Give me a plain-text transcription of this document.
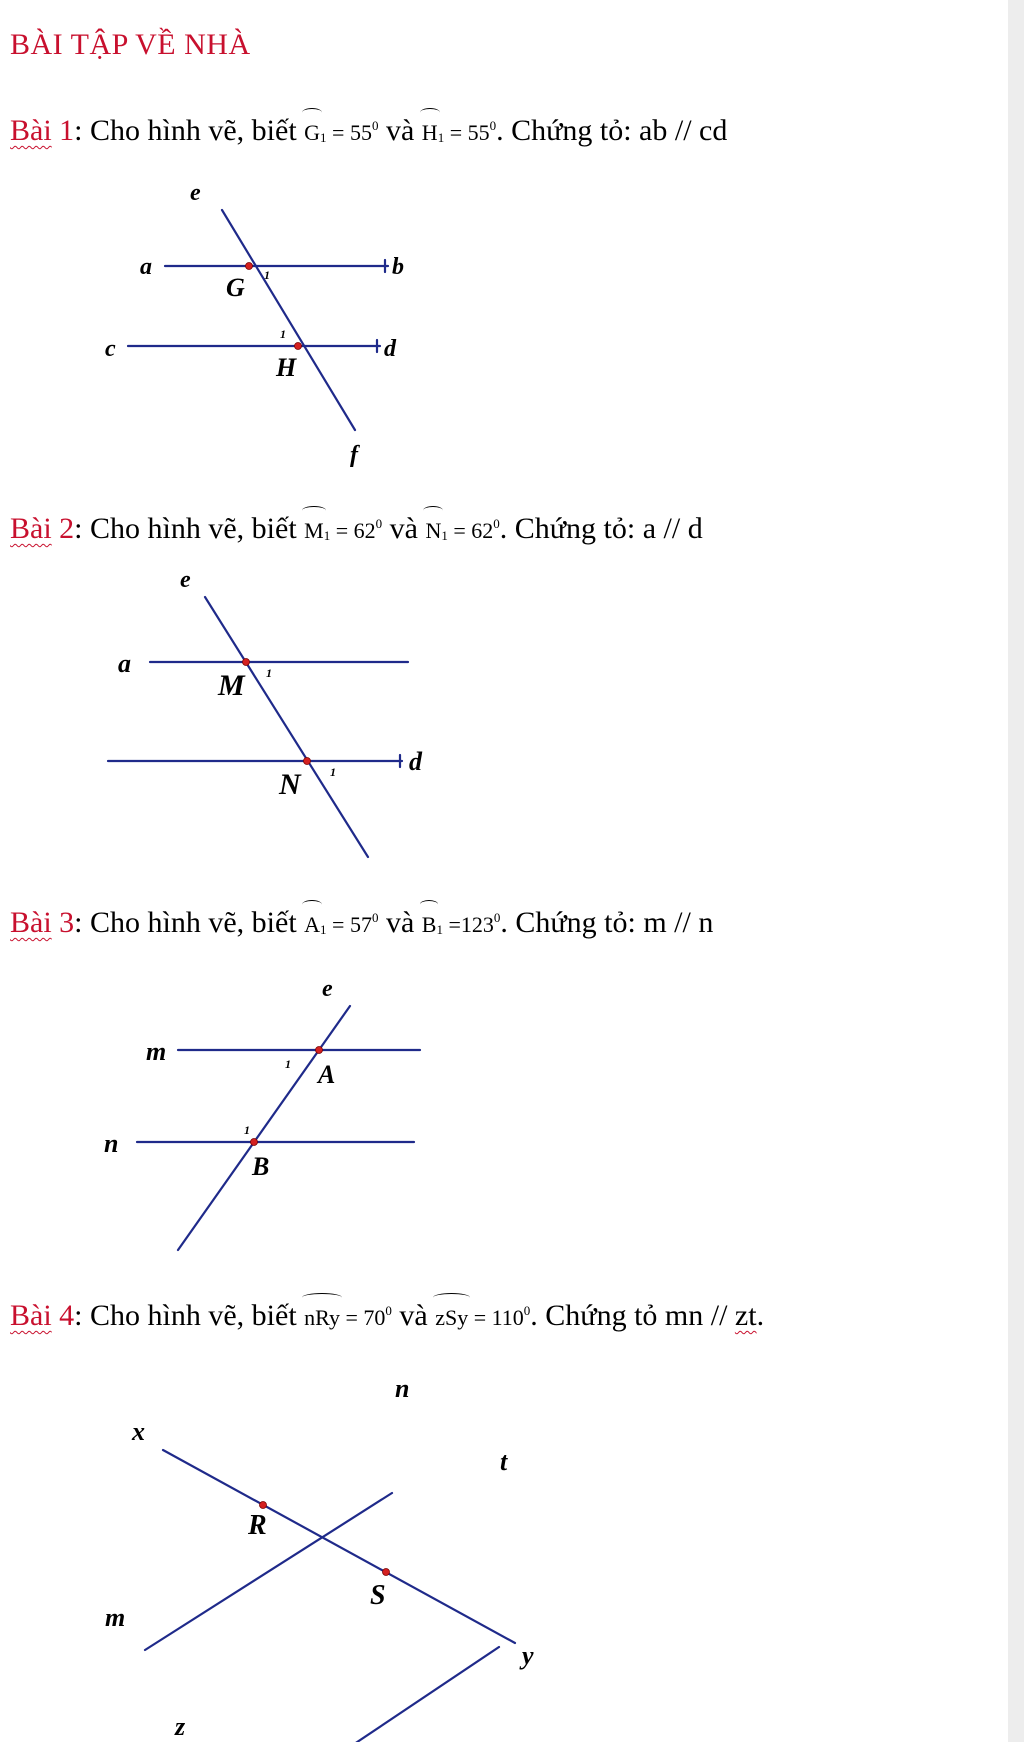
BÀI TẬP VỀ NHÀ
Bài 1: Cho hình vẽ, biết $G1 = 55^0$ và $H1 = 55^0$. Chứng tỏ: ab // cd
Bài 2: Cho hình vẽ, biết $M1 = 62^0$ và $N1 = 62^0$. Chứng tỏ: a // d
Bài 3: Cho hình vẽ, biết $A1 = 57^0$ và $B1 =123^0$. Chứng tỏ: m // n
Bài 4: Cho hình vẽ, biết nRy = $70^0$ và zSy = $110^0$. Chứng tỏ mn // zt.
e
a	b
G 1
c	d
1
H
f
e
a
M 1
d
N 1
e
m
A
1
n	1
B
n
x
t
R
S
m
y
z
